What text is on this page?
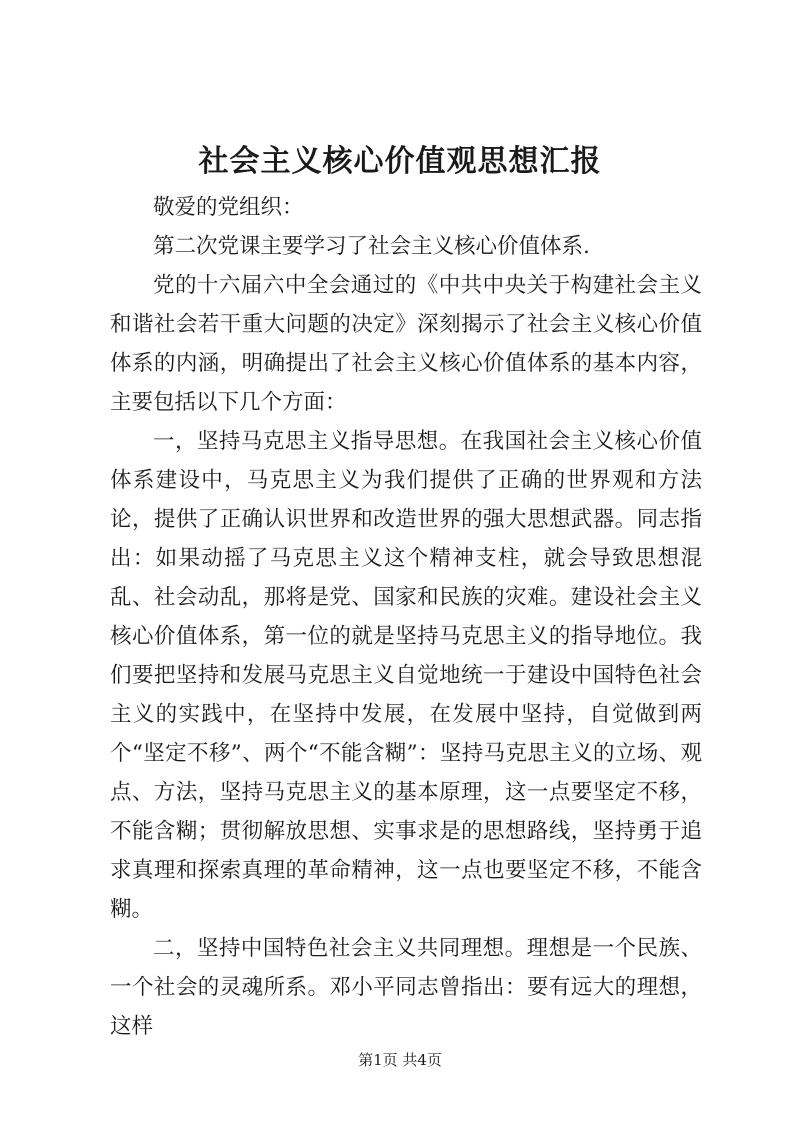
社会主义核心价值观思想汇报

敬爱的党组织：

第二次党课主要学习了社会主义核心价值体系.

党的十六届六中全会通过的《中共中央关于构建社会主义和谐社会若干重大问题的决定》深刻揭示了社会主义核心价值体系的内涵，明确提出了社会主义核心价值体系的基本内容，主要包括以下几个方面：

一，坚持马克思主义指导思想。在我国社会主义核心价值体系建设中，马克思主义为我们提供了正确的世界观和方法论，提供了正确认识世界和改造世界的强大思想武器。同志指出：如果动摇了马克思主义这个精神支柱，就会导致思想混乱、社会动乱，那将是党、国家和民族的灾难。建设社会主义核心价值体系，第一位的就是坚持马克思主义的指导地位。我们要把坚持和发展马克思主义自觉地统一于建设中国特色社会主义的实践中，在坚持中发展，在发展中坚持，自觉做到两个“坚定不移”、两个“不能含糊”：坚持马克思主义的立场、观点、方法，坚持马克思主义的基本原理，这一点要坚定不移，不能含糊；贯彻解放思想、实事求是的思想路线，坚持勇于追求真理和探索真理的革命精神，这一点也要坚定不移，不能含糊。

二，坚持中国特色社会主义共同理想。理想是一个民族、一个社会的灵魂所系。邓小平同志曾指出：要有远大的理想，这样

第1页 共4页
